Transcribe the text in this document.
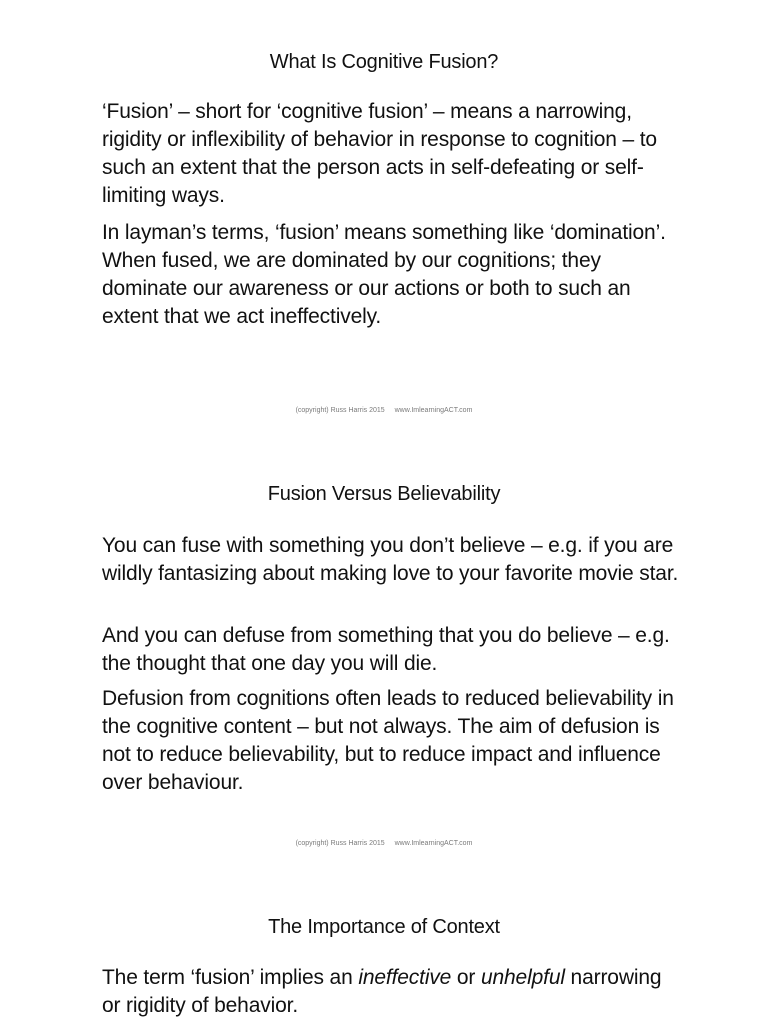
What Is Cognitive Fusion?

‘Fusion’ – short for ‘cognitive fusion’ – means a narrowing, rigidity or inflexibility of behavior in response to cognition – to such an extent that the person acts in self-defeating or self-limiting ways.

In layman’s terms, ‘fusion’ means something like ‘domination’. When fused, we are dominated by our cognitions; they dominate our awareness or our actions or both to such an extent that we act ineffectively.

(copyright) Russ Harris 2015 www.ImlearningACT.com
Fusion Versus Believability

You can fuse with something you don’t believe – e.g. if you are wildly fantasizing about making love to your favorite movie star.

And you can defuse from something that you do believe – e.g. the thought that one day you will die.

Defusion from cognitions often leads to reduced believability in the cognitive content – but not always. The aim of defusion is not to reduce believability, but to reduce impact and influence over behaviour.

(copyright) Russ Harris 2015 www.ImlearningACT.com
The Importance of Context

The term ‘fusion’ implies an ineffective or unhelpful narrowing or rigidity of behavior.
